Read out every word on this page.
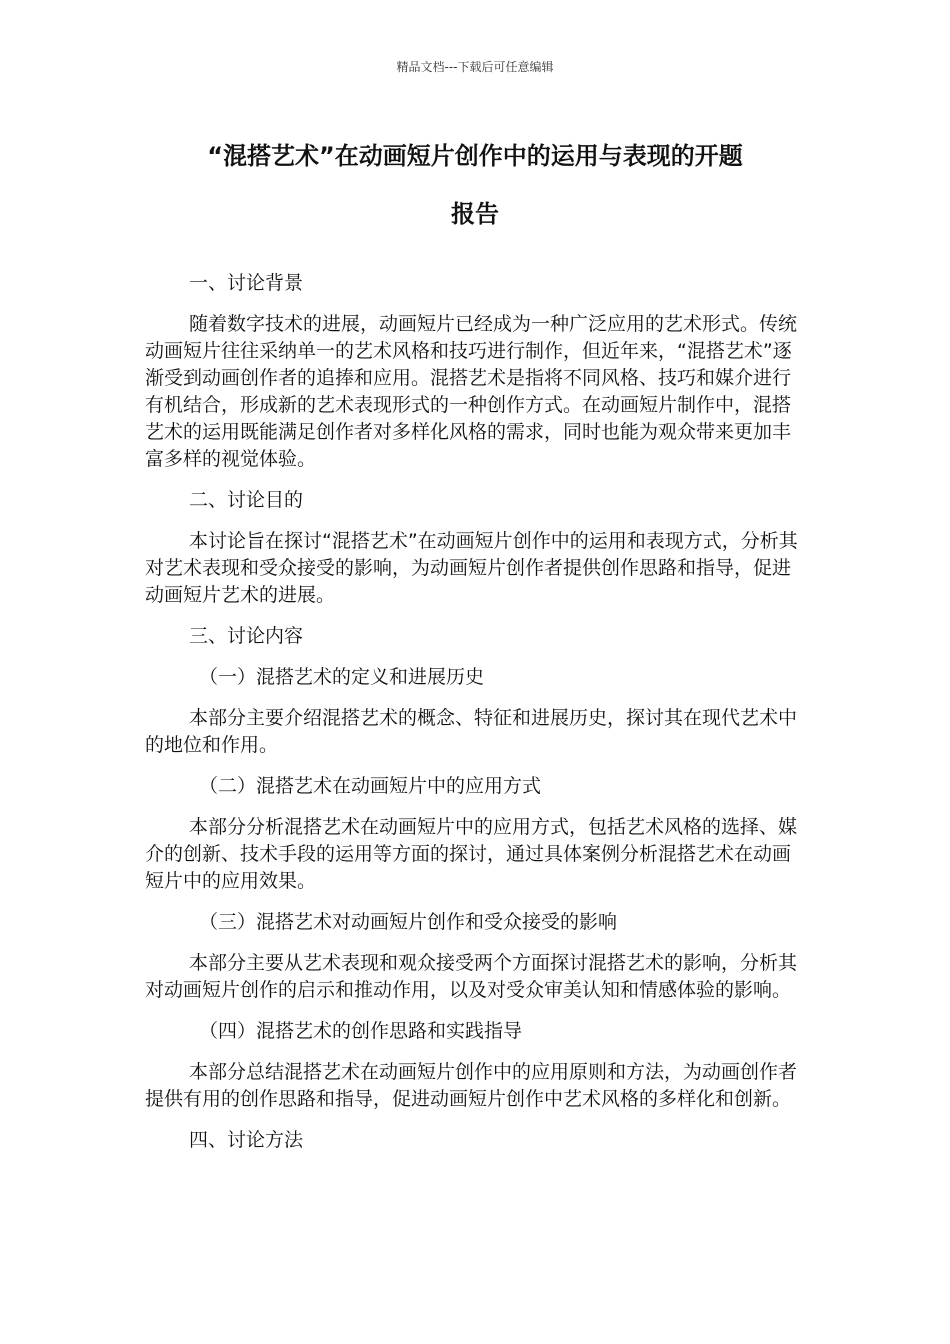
精品文档---下载后可任意编辑
“混搭艺术”在动画短片创作中的运用与表现的开题
报告

一、讨论背景

随着数字技术的进展，动画短片已经成为一种广泛应用的艺术形式。传统动画短片往往采纳单一的艺术风格和技巧进行制作，但近年来，“混搭艺术”逐渐受到动画创作者的追捧和应用。混搭艺术是指将不同风格、技巧和媒介进行有机结合，形成新的艺术表现形式的一种创作方式。在动画短片制作中，混搭艺术的运用既能满足创作者对多样化风格的需求，同时也能为观众带来更加丰富多样的视觉体验。

二、讨论目的

本讨论旨在探讨“混搭艺术”在动画短片创作中的运用和表现方式，分析其对艺术表现和受众接受的影响，为动画短片创作者提供创作思路和指导，促进动画短片艺术的进展。

三、讨论内容

（一）混搭艺术的定义和进展历史

本部分主要介绍混搭艺术的概念、特征和进展历史，探讨其在现代艺术中的地位和作用。

（二）混搭艺术在动画短片中的应用方式

本部分分析混搭艺术在动画短片中的应用方式，包括艺术风格的选择、媒介的创新、技术手段的运用等方面的探讨，通过具体案例分析混搭艺术在动画短片中的应用效果。

（三）混搭艺术对动画短片创作和受众接受的影响

本部分主要从艺术表现和观众接受两个方面探讨混搭艺术的影响，分析其对动画短片创作的启示和推动作用，以及对受众审美认知和情感体验的影响。

（四）混搭艺术的创作思路和实践指导

本部分总结混搭艺术在动画短片创作中的应用原则和方法，为动画创作者提供有用的创作思路和指导，促进动画短片创作中艺术风格的多样化和创新。

四、讨论方法
